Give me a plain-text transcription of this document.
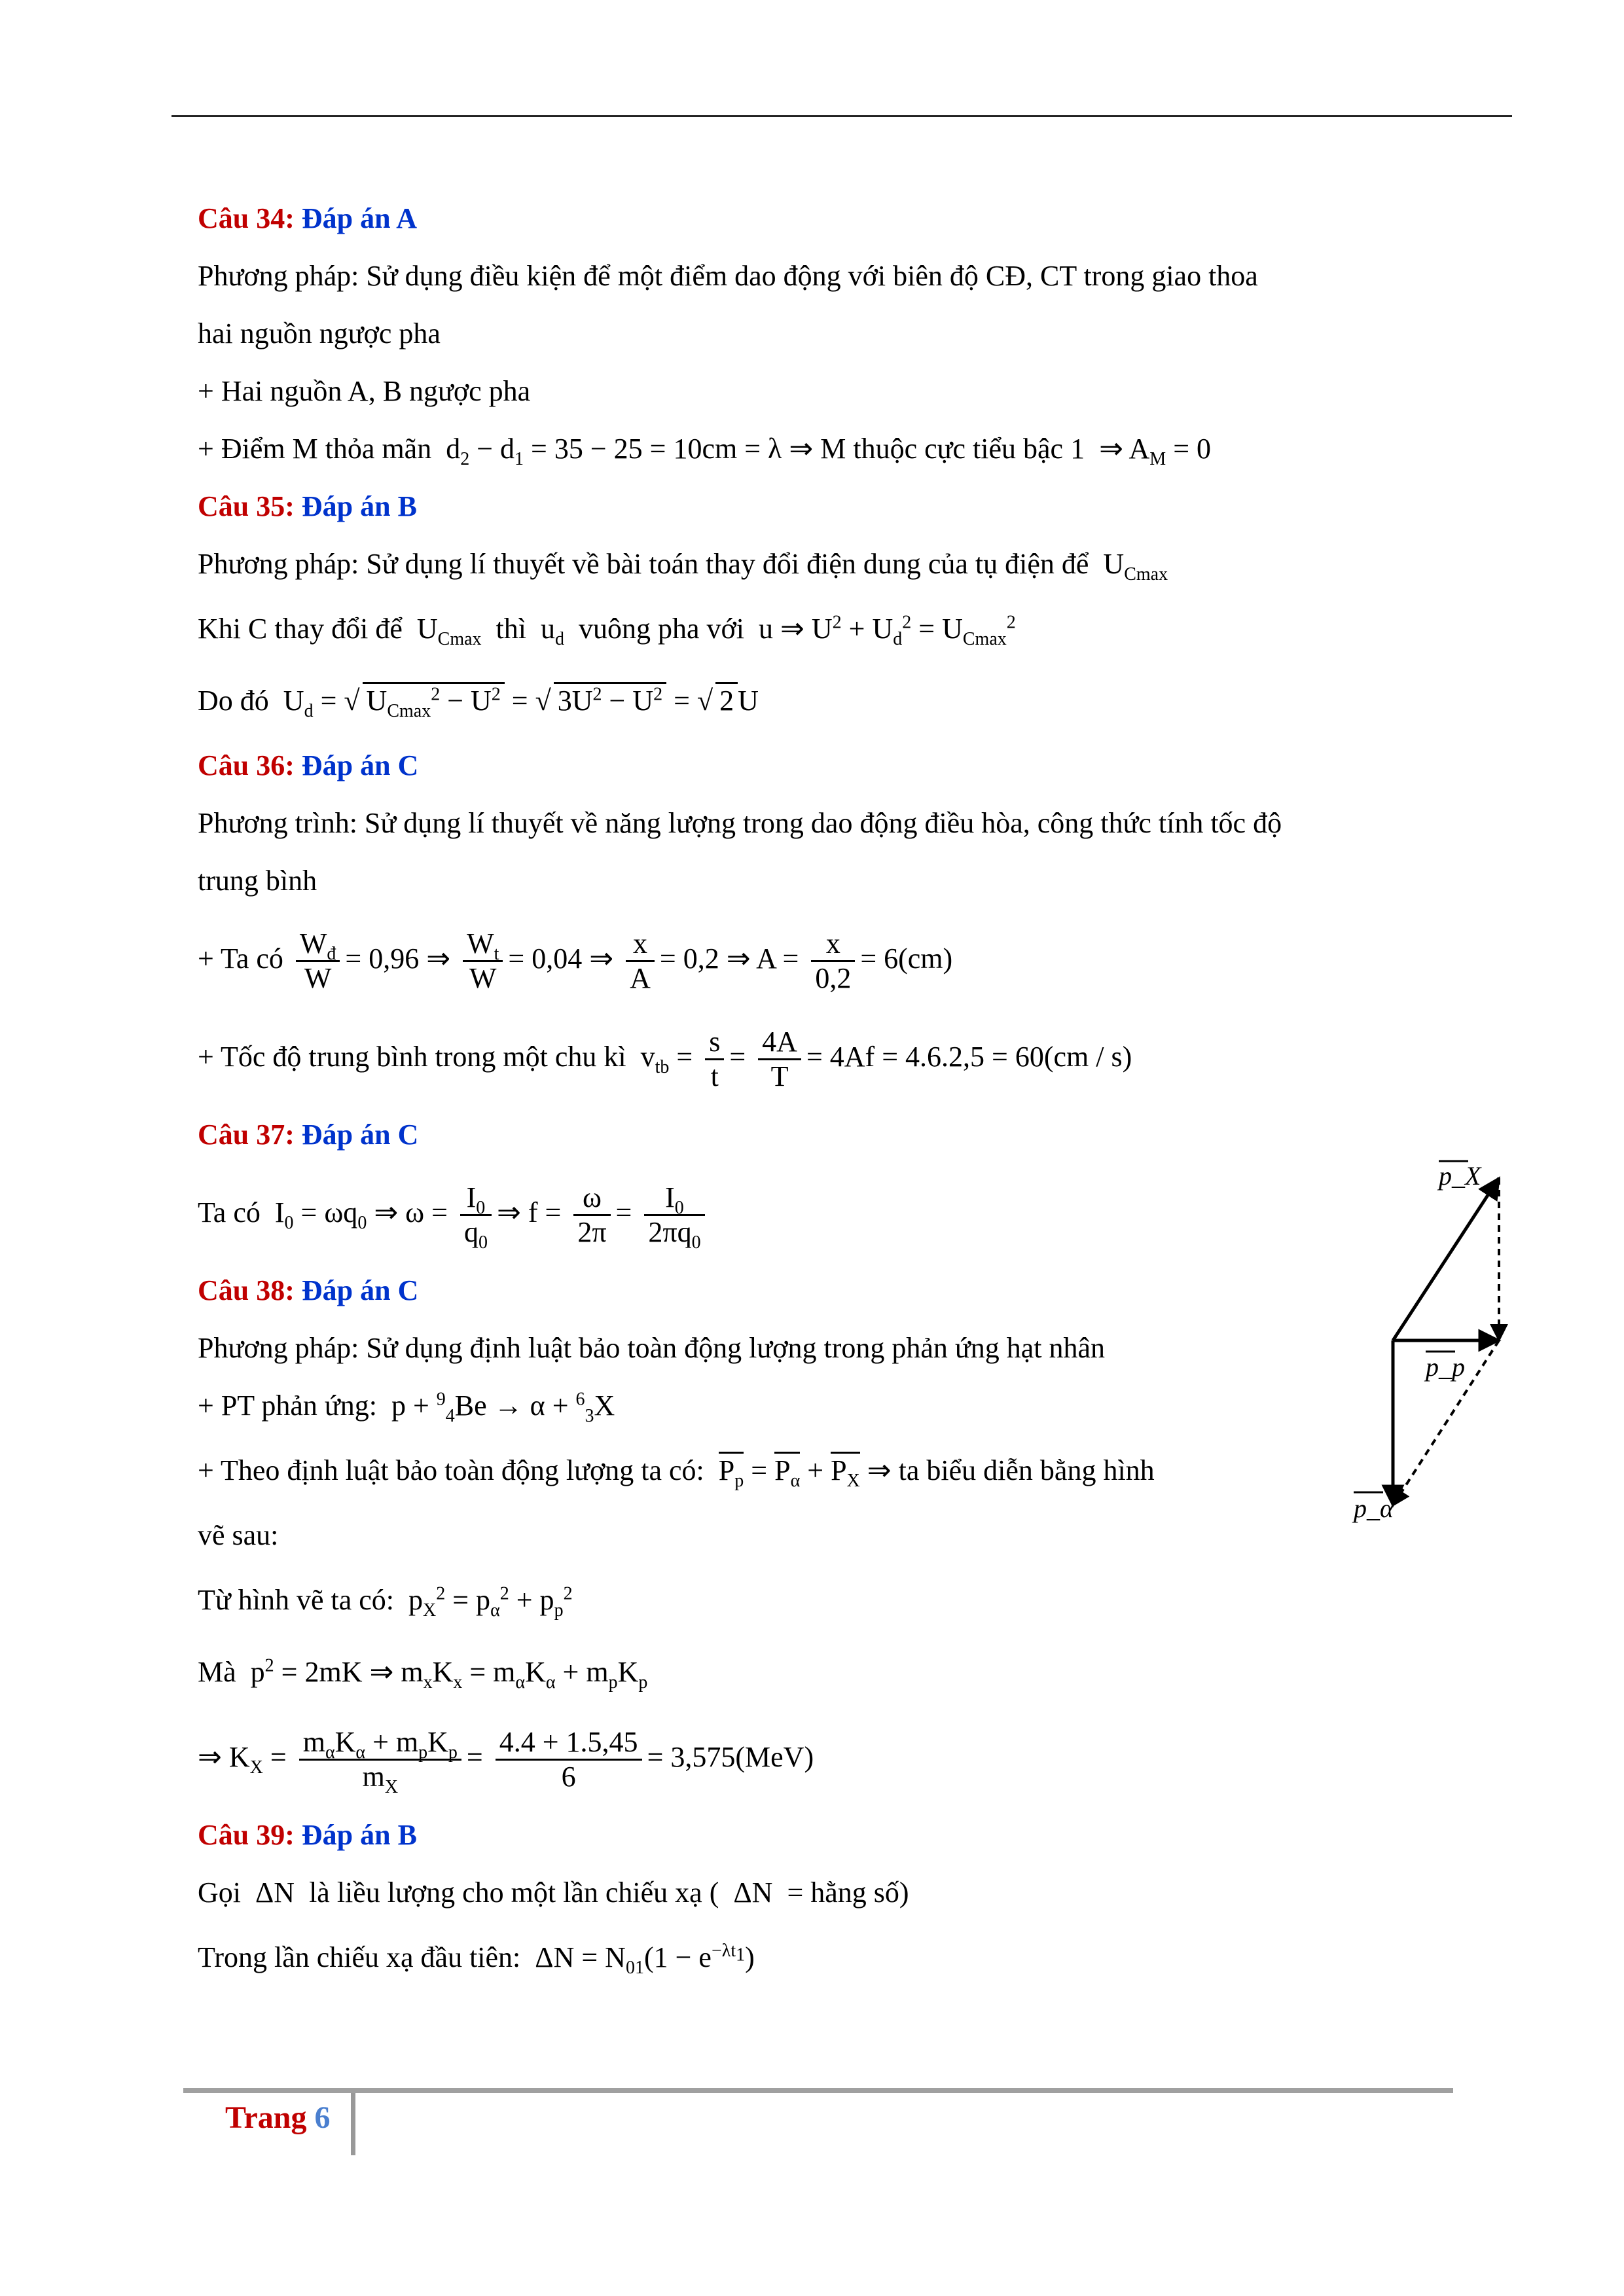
Câu 34: Đáp án A
Phương pháp: Sử dụng điều kiện để một điểm dao động với biên độ CĐ, CT trong giao thoa
hai nguồn ngược pha
+ Hai nguồn A, B ngược pha
+ Điểm M thỏa mãn  $d_2 - d_1 = 35 - 25 = 10cm = \lambda$ ⇒ M thuộc cực tiểu bậc 1  ⇒ $A_M = 0$
Câu 35: Đáp án B
Phương pháp: Sử dụng lí thuyết về bài toán thay đổi điện dung của tụ điện để  $U_{Cmax}$
Khi C thay đổi để  $U_{Cmax}$ thì  $u_d$ vuông pha với  u ⇒ $U^2 + U_d^2 = U_{Cmax}^2$
Do đó  $U_d$ = √ $U_{Cmax}^2 - U^2$ = √ $3U^2 - U^2$ = √ 2 U
Câu 36: Đáp án C
Phương trình: Sử dụng lí thuyết về năng lượng trong dao động điều hòa, công thức tính tốc độ
trung bình
+ Ta có $\frac{W_đ}{W} = 0,96$ ⇒ $\frac{W_t}{W} = 0,04$ ⇒ $\frac{x}{A} = 0,2$ ⇒ $A = \frac{x}{0,2} = 6(cm)$
+ Tốc độ trung bình trong một chu kì  $v_{tb} = \frac{s}{t} = \frac{4A}{T} = 4Af = 4.6.2,5 = 60(cm / s)$
Câu 37: Đáp án C
Ta có  $I_0 = \omega q_0$ ⇒ $\omega = \frac{I_0}{q_0}$ ⇒ $f = \frac{\omega}{2\pi} = \frac{I_0}{2\pi q_0}$
Câu 38: Đáp án C
Phương pháp: Sử dụng định luật bảo toàn động lượng trong phản ứng hạt nhân
+ PT phản ứng:  p + $^9_4$Be → α + $^6_3$X
+ Theo định luật bảo toàn động lượng ta có: $P_p = P_\alpha + P_X$ ⇒ ta biểu diễn bằng hình
vẽ sau:
Từ hình vẽ ta có:  $p_X^2 = p_\alpha^2 + p_p^2$
Mà  $p^2 = 2mK$ ⇒ $m_xK_x = m_\alpha K_\alpha + m_pK_p$
⇒ $K_X = \frac{m_\alpha K_\alpha + m_pK_p}{m_X} = \frac{4.4 + 1.5,45}{6} = 3,575(MeV)$
Câu 39: Đáp án B
Gọi  ΔN  là liều lượng cho một lần chiếu xạ (  ΔN  = hằng số)
Trong lần chiếu xạ đầu tiên:  $\Delta N = N_{01}(1 - e^{-\lambda t_1})$
p_X
p_p
p_α
Trang 6
